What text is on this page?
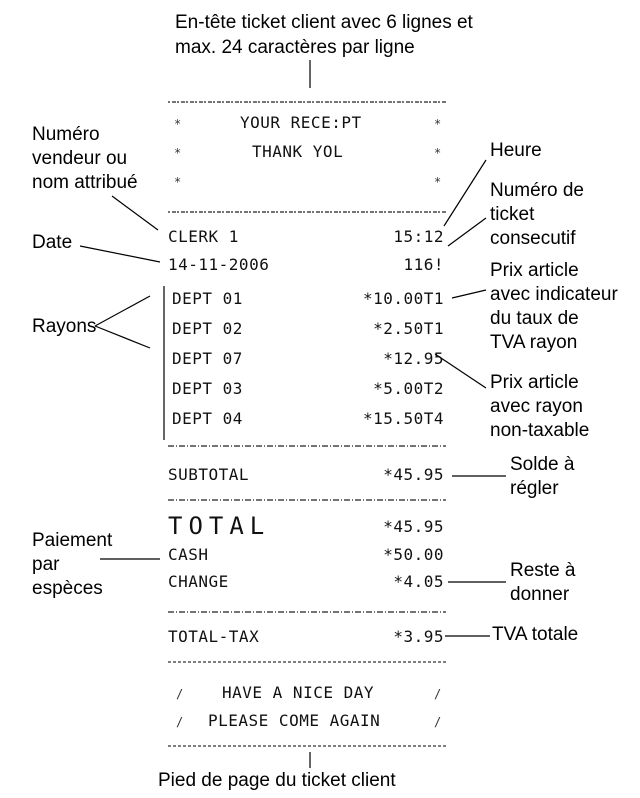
En-tête ticket client avec 6 lignes et
max. 24 caractères par ligne
Numéro
vendeur ou
nom attribué
Heure
Numéro de
ticket
consecutif
Date
Prix article
avec indicateur
du taux de
TVA rayon
Rayons
Prix article
avec rayon
non-taxable
Solde à
régler
Paiement
par
espèces
Reste à
donner
TVA totale
Pied de page du ticket client
*	YOUR RECE:PT	*
*	THANK YOL	*
*	*
CLERK 1	15:12
14-11-2006	116!
DEPT 01	*10.00T1
DEPT 02	*2.50T1
DEPT 07	*12.95
DEPT 03	*5.00T2
DEPT 04	*15.50T4
SUBTOTAL	*45.95
TOTAL	*45.95
CASH	*50.00
CHANGE	*4.05
TOTAL-TAX	*3.95
/ HAVE A NICE DAY	/
/ PLEASE COME AGAIN	/
